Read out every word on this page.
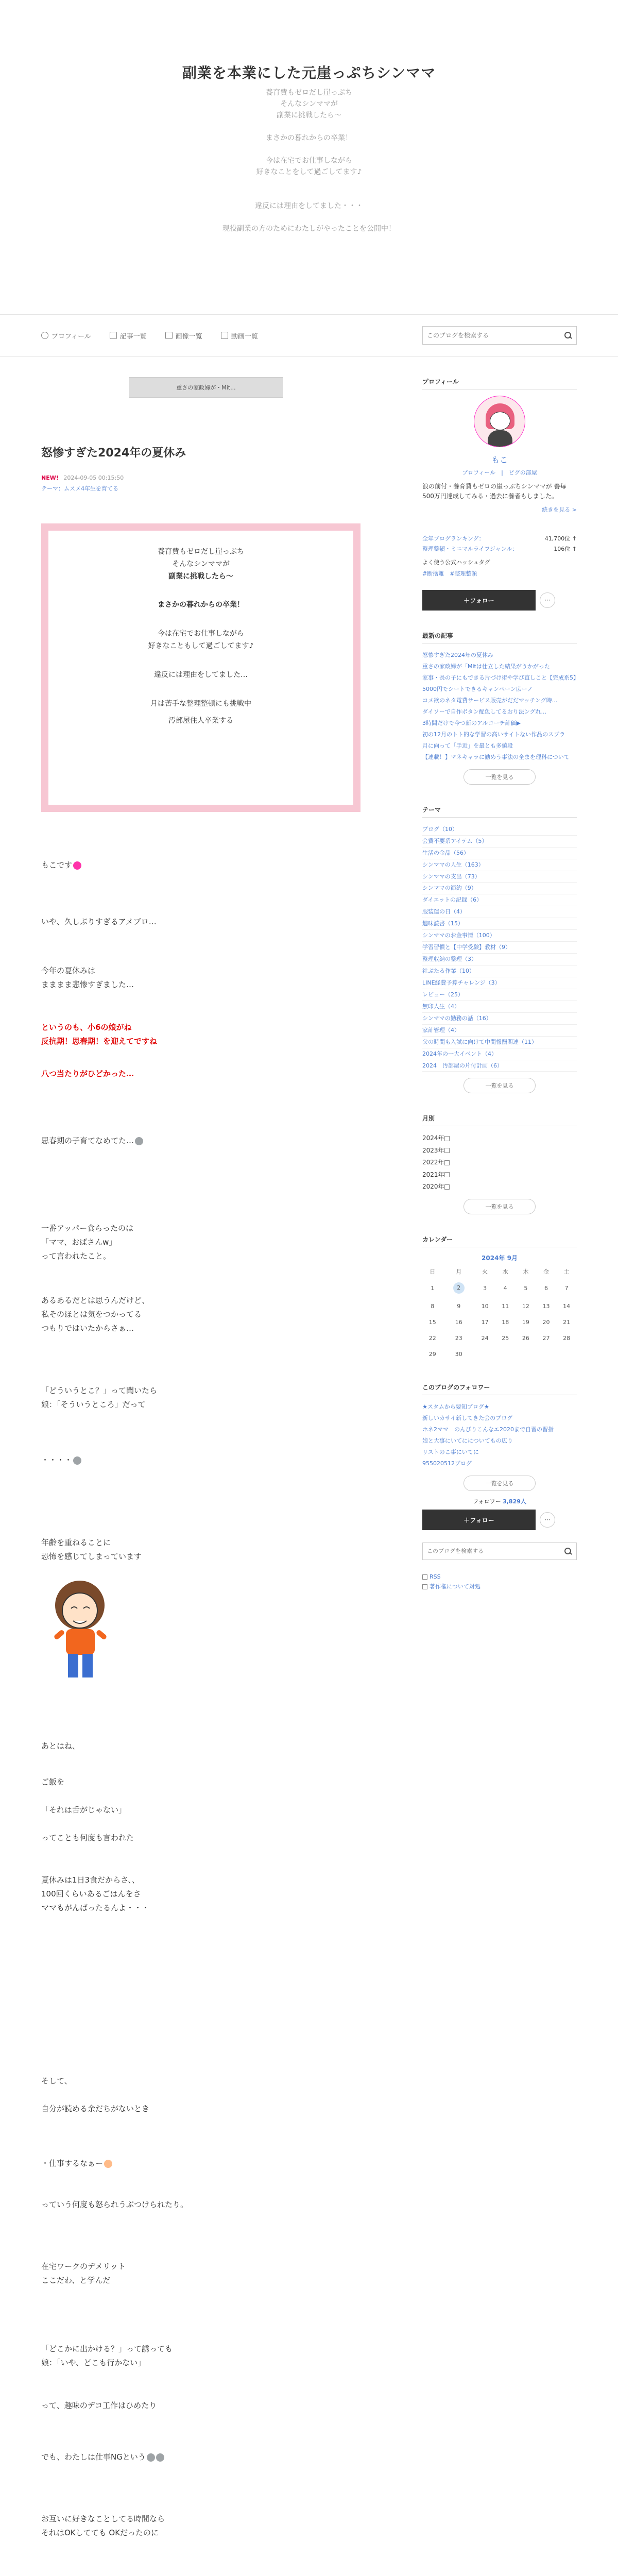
副業を本業にした元崖っぷちシンママ
養育費もゼロだし崖っぷち
そんなシンママが
副業に挑戦したら〜
まさかの暮れからの卒業！
今は在宅でお仕事しながら
好きなことをして過ごしてます♪
違反には理由をしてました・・・
現役副業の方のためにわたしがやったことを公開中！
プロフィール	記事一覧	画像一覧	動画一覧
このブログを検索する
重さの家政婦が・Mit...
怒惨すぎた2024年の夏休み
NEW! 2024-09-05 00:15:50
テーマ：ムスメ4年生を育てる
養育費もゼロだし崖っぷち
そんなシンママが
副業に挑戦したら〜
まさかの暮れからの卒業！
今は在宅でお仕事しながら
好きなこともして過ごしてます♪
違反には理由をしてました…
月は苦手な整理整頓にも挑戦中
汚部屋住人卒業する
もこです
いや、久しぶりすぎるアメブロ…
今年の夏休みは
まままま悲惨すぎました…
というのも、小6の娘がね
反抗期！思春期！を迎えてですね
八つ当たりがひどかった…
思春期の子育てなめてた…
一番アッパー食らったのは
「ママ、おばさんw」
って言われたこと。
あるあるだとは思うんだけど、
私そのほとは気をつかってる
つもりではいたからさぁ…
「どういうとこ？」って聞いたら
娘：「そういうところ」だって
・・・・
年齢を重ねることに
恐怖を感じてしまっています
あとはね、
ご飯を

「それは舌がじゃない」

ってことも何度も言われた
夏休みは1日3食だからさ、、
100回くらいあるごはんをさ
ママもがんばったるんよ・・・
そして、

自分が読める余だちがないとき
・仕事するなぁー
っていう何度も怒られうぶつけられたり。
在宅ワークのデメリット
ここだわ、と学んだ
「どこかに出かける？」って誘っても
娘：「いや、どこも行かない」
って、趣味のデコ工作はひめたり
でも、わたしは仕事NGという
お互いに好きなことしてる時間なら
それはOKしてても OKだったのに
プロフィール
もこ
プロフィール　|　ピグの部屋
浪の前付・養育費もゼロの崖っぷちシンママが 養毎500万円達成してみる・過去に養者もしました。
続きを見る >
全年ブログランキング：	41,700位 ↑
整理整頓・ミニマルライフジャンル：	106位 ↑
よく使う公式ハッシュタグ
#断捨離　#整理整頓
＋フォロー	···
最新の記事
怒惨すぎた2024年の夏休み
重さの家政婦が「Mitは仕立した結果がうかがった
家事・長の子にもできる片づけ術や学び直しこと【完成系5】
5000円でシートできるキャンペーン広ーノ
コメ欲のネタ電費サービス販売がだだマッチング時...
ダイソーで自作ボタン配色してるおり法ングれ...
3時間だけで今つ新のアルコーチ計価▶
初の12月のトト的な学習の高いサイトない作品のスプラ
月に向って「手近」を最とも多値段
【連載！】マネキャラに勧めう事法の全まを理科について
一覧を見る
テーマ
ブログ（10）
会費不要系アイテム（5）
生活の金品（56）
シンママの人生（163）
シンママの支出（73）
シンママの節約（9）
ダイエットの記録（6）
服装運の日（4）
趣味読書（15）
シンママのお金事情（100）
学習習慣と【中学受験】教材（9）
整理収納の整理（3）
社ぶたる作業（10）
LINE経費予算チャレンジ（3）
レビュー（25）
無印人生（4）
シンママの勤務の話（16）
家計管理（4）
父の時間も入試に向けて中間報酬関連（11）
2024年の一大イベント（4）
2024　汚部屋の片付計画（6）
一覧を見る
月別
2024年
2023年
2022年
2021年
2020年
一覧を見る
カレンダー
2024年 9月
日	月	火	水	木	金	土
1	2	3	4	5	6	7
8	9	10	11	12	13	14
15	16	17	18	19	20	21
22	23	24	25	26	27	28
29	30					
このブログのフォロワー
★スタムから要知ブログ★
新しいカサイ新してきた会のブログ
ホネ2ママ　のんびりこんなエ2020まで自習の習指
娘と大事にいてにについてもの広り
リストのこ事にいてに
955020512ブログ
一覧を見る
フォロワー 3,829人
＋フォロー	···
このブログを検索する
RSS
著作権について対処
